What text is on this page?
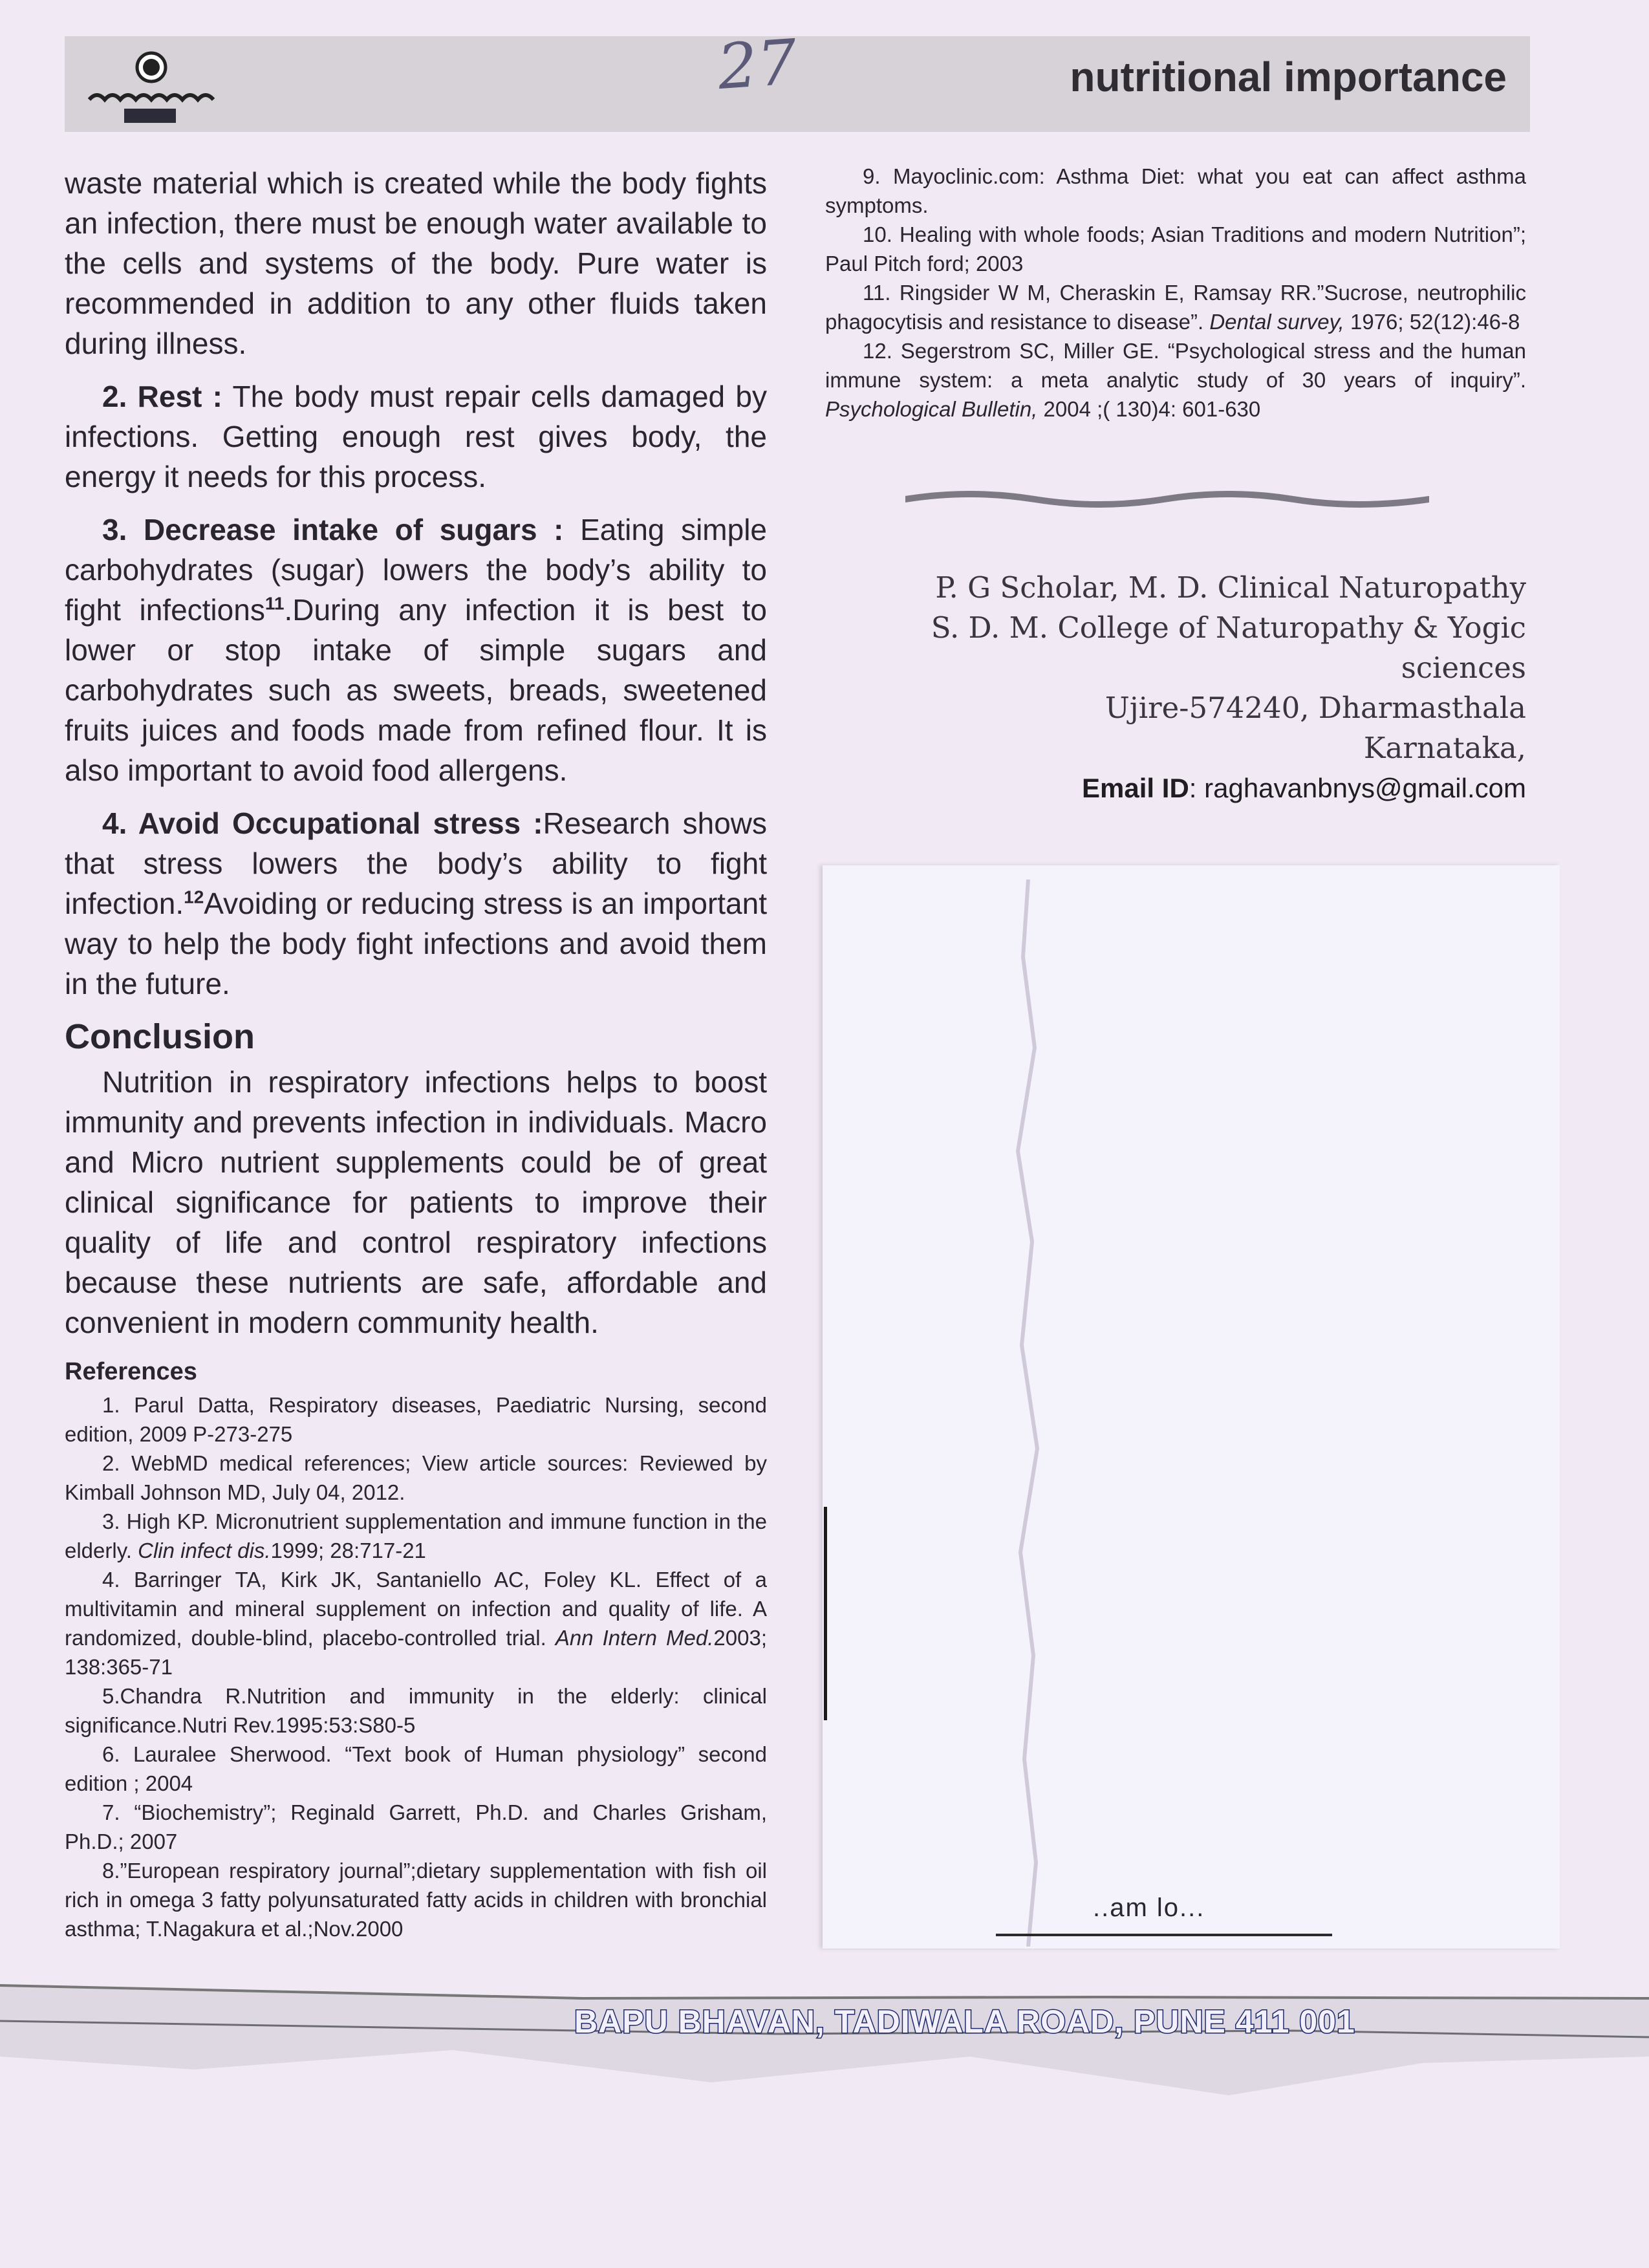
27	nutritional importance

waste material which is created while the body fights an infection, there must be enough water available to the cells and systems of the body. Pure water is recommended in addition to any other fluids taken during illness.

2. Rest : The body must repair cells damaged by infections. Getting enough rest gives body, the energy it needs for this process.

3. Decrease intake of sugars : Eating simple carbohydrates (sugar) lowers the body’s ability to fight infections$^{11}$.During any infection it is best to lower or stop intake of simple sugars and carbohydrates such as sweets, breads, sweetened fruits juices and foods made from refined flour. It is also important to avoid food allergens.

4. Avoid Occupational stress :Research shows that stress lowers the body’s ability to fight infection.$^{12}$Avoiding or reducing stress is an important way to help the body fight infections and avoid them in the future.

Conclusion

Nutrition in respiratory infections helps to boost immunity and prevents infection in individuals. Macro and Micro nutrient supplements could be of great clinical significance for patients to improve their quality of life and control respiratory infections because these nutrients are safe, affordable and convenient in modern community health.

References
1. Parul Datta, Respiratory diseases, Paediatric Nursing, second edition, 2009 P-273-275
2. WebMD medical references; View article sources: Reviewed by Kimball Johnson MD, July 04, 2012.
3. High KP. Micronutrient supplementation and immune function in the elderly. Clin infect dis.1999; 28:717-21
4. Barringer TA, Kirk JK, Santaniello AC, Foley KL. Effect of a multivitamin and mineral supplement on infection and quality of life. A randomized, double-blind, placebo-controlled trial. Ann Intern Med.2003; 138:365-71
5.Chandra R.Nutrition and immunity in the elderly: clinical significance.Nutri Rev.1995:53:S80-5
6. Lauralee Sherwood. “Text book of Human physiology” second edition ; 2004
7. “Biochemistry”; Reginald Garrett, Ph.D. and Charles Grisham, Ph.D.; 2007
8.”European respiratory journal”;dietary supplementation with fish oil rich in omega 3 fatty polyunsaturated fatty acids in children with bronchial asthma; T.Nagakura et al.;Nov.2000
9. Mayoclinic.com: Asthma Diet: what you eat can affect asthma symptoms.
10. Healing with whole foods; Asian Traditions and modern Nutrition”; Paul Pitch ford; 2003
11. Ringsider W M, Cheraskin E, Ramsay RR.”Sucrose, neutrophilic phagocytisis and resistance to disease”. Dental survey, 1976; 52(12):46-8
12. Segerstrom SC, Miller GE. “Psychological stress and the human immune system: a meta analytic study of 30 years of inquiry”. Psychological Bulletin, 2004 ;( 130)4: 601-630
P. G Scholar, M. D. Clinical Naturopathy
S. D. M. College of Naturopathy & Yogic
sciences
Ujire-574240, Dharmasthala
Karnataka,
Email ID: raghavanbnys@gmail.com
..am lo...
BAPU BHAVAN, TADIWALA ROAD, PUNE 411 001
